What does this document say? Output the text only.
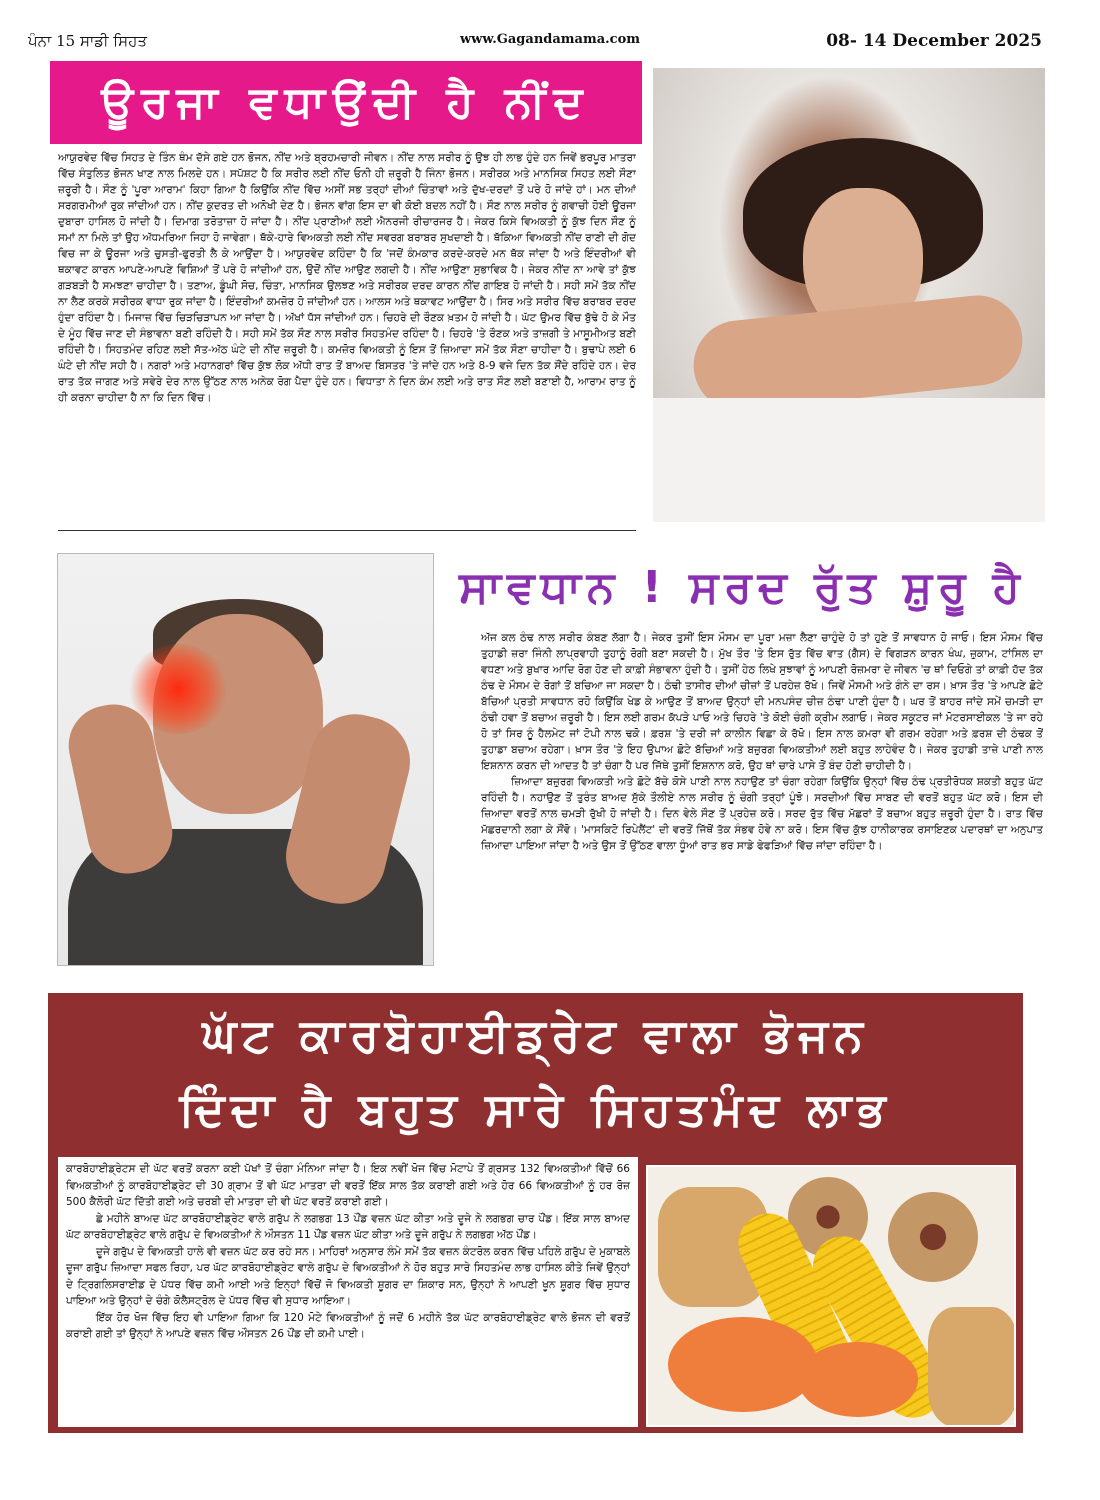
ਪੰਨਾ 15 ਸਾਡੀ ਸਿਹਤ	www.Gagandamama.com	08- 14 December 2025
ਊਰਜਾ ਵਧਾਉਂਦੀ ਹੈ ਨੀਂਦ
ਆਯੁਰਵੇਦ ਵਿੱਚ ਸਿਹਤ ਦੇ ਤਿੰਨ ਥੰਮ ਦੱਸੇ ਗਏ ਹਨ ਭੋਜਨ, ਨੀਂਦ ਅਤੇ ਬ੍ਰਹਮਚਾਰੀ ਜੀਵਨ। ਨੀਂਦ ਨਾਲ ਸਰੀਰ ਨੂੰ ਉਝ ਹੀ ਲਾਭ ਹੁੰਦੇ ਹਨ ਜਿਵੇਂ ਭਰਪੂਰ ਮਾਤਰਾ ਵਿੱਚ ਸੰਤੁਲਿਤ ਭੋਜਨ ਖਾਣ ਨਾਲ ਮਿਲਦੇ ਹਨ। ਸਪੱਸ਼ਟ ਹੈ ਕਿ ਸਰੀਰ ਲਈ ਨੀਂਦ ਓਨੀ ਹੀ ਜ਼ਰੂਰੀ ਹੈ ਜਿੰਨਾ ਭੋਜਨ। ਸਰੀਰਕ ਅਤੇ ਮਾਨਸਿਕ ਸਿਹਤ ਲਈ ਸੌਣਾ ਜ਼ਰੂਰੀ ਹੈ। ਸੌਣ ਨੂੰ 'ਪੂਰਾ ਆਰਾਮ' ਕਿਹਾ ਗਿਆ ਹੈ ਕਿਉਂਕਿ ਨੀਂਦ ਵਿੱਚ ਅਸੀਂ ਸਭ ਤਰ੍ਹਾਂ ਦੀਆਂ ਚਿੰਤਾਵਾਂ ਅਤੇ ਦੁੱਖ-ਦਰਦਾਂ ਤੋਂ ਪਰੇ ਹੋ ਜਾਂਦੇ ਹਾਂ। ਮਨ ਦੀਆਂ ਸਰਗਰਮੀਆਂ ਰੁਕ ਜਾਂਦੀਆਂ ਹਨ। ਨੀਂਦ ਕੁਦਰਤ ਦੀ ਅਨੋਖੀ ਦੇਣ ਹੈ। ਭੋਜਨ ਵਾਂਗ ਇਸ ਦਾ ਵੀ ਕੋਈ ਬਦਲ ਨਹੀਂ ਹੈ। ਸੌਣ ਨਾਲ ਸਰੀਰ ਨੂੰ ਗਵਾਚੀ ਹੋਈ ਊਰਜਾ ਦੁਬਾਰਾ ਹਾਸਿਲ ਹੋ ਜਾਂਦੀ ਹੈ। ਦਿਮਾਗ ਤਰੋਤਾਜ਼ਾ ਹੋ ਜਾਂਦਾ ਹੈ। ਨੀਂਦ ਪ੍ਰਾਣੀਆਂ ਲਈ ਐਨਰਜੀ ਰੀਚਾਰਜਰ ਹੈ। ਜੇਕਰ ਕਿਸੇ ਵਿਅਕਤੀ ਨੂੰ ਕੁੱਝ ਦਿਨ ਸੌਣ ਨੂੰ ਸਮਾਂ ਨਾ ਮਿਲੇ ਤਾਂ ਉਹ ਅੱਧਮਰਿਆ ਜਿਹਾ ਹੋ ਜਾਵੇਗਾ। ਥੱਕੇ-ਹਾਰੇ ਵਿਅਕਤੀ ਲਈ ਨੀਂਦ ਸਵਰਗ ਬਰਾਬਰ ਸੁਖਦਾਈ ਹੈ। ਥੱਕਿਆ ਵਿਅਕਤੀ ਨੀਂਦ ਰਾਣੀ ਦੀ ਗੋਦ ਵਿਚ ਜਾ ਕੇ ਊਰਜਾ ਅਤੇ ਚੁਸਤੀ-ਫੁਰਤੀ ਲੈ ਕੇ ਆਉਂਦਾ ਹੈ। ਆਯੁਰਵੇਦ ਕਹਿੰਦਾ ਹੈ ਕਿ 'ਜਦੋਂ ਕੰਮਕਾਰ ਕਰਦੇ-ਕਰਦੇ ਮਨ ਥੱਕ ਜਾਂਦਾ ਹੈ ਅਤੇ ਇੰਦਰੀਆਂ ਵੀ ਥਕਾਵਟ ਕਾਰਨ ਆਪਣੇ-ਆਪਣੇ ਵਿਸ਼ਿਆਂ ਤੋਂ ਪਰੇ ਹੋ ਜਾਂਦੀਆਂ ਹਨ, ਉਦੋਂ ਨੀਂਦ ਆਉਣ ਲਗਦੀ ਹੈ। ਨੀਂਦ ਆਉਣਾ ਸੁਭਾਵਿਕ ਹੈ। ਜੇਕਰ ਨੀਂਦ ਨਾ ਆਵੇ ਤਾਂ ਕੁੱਝ ਗੜਬੜੀ ਹੈ ਸਮਝਣਾ ਚਾਹੀਦਾ ਹੈ। ਤਣਾਅ, ਡੂੰਘੀ ਸੋਚ, ਚਿੰਤਾ, ਮਾਨਸਿਕ ਉਲਝਣ ਅਤੇ ਸਰੀਰਕ ਦਰਦ ਕਾਰਨ ਨੀਂਦ ਗਾਇਬ ਹੋ ਜਾਂਦੀ ਹੈ। ਸਹੀ ਸਮੇਂ ਤੱਕ ਨੀਂਦ ਨਾ ਲੈਣ ਕਰਕੇ ਸਰੀਰਕ ਵਾਧਾ ਰੁਕ ਜਾਂਦਾ ਹੈ। ਇੰਦਰੀਆਂ ਕਮਜ਼ੋਰ ਹੋ ਜਾਂਦੀਆਂ ਹਨ। ਆਲਸ ਅਤੇ ਥਕਾਵਟ ਆਉਂਦਾ ਹੈ। ਸਿਰ ਅਤੇ ਸਰੀਰ ਵਿੱਚ ਬਰਾਬਰ ਦਰਦ ਹੁੰਦਾ ਰਹਿੰਦਾ ਹੈ। ਮਿਜਾਜ਼ ਵਿੱਚ ਚਿੜਚਿੜਾਪਨ ਆ ਜਾਂਦਾ ਹੈ। ਅੱਖਾਂ ਧੱਸ ਜਾਂਦੀਆਂ ਹਨ। ਚਿਹਰੇ ਦੀ ਰੌਣਕ ਖ਼ਤਮ ਹੋ ਜਾਂਦੀ ਹੈ। ਘੱਟ ਉਮਰ ਵਿੱਚ ਬੁੱਢੇ ਹੋ ਕੇ ਮੌਤ ਦੇ ਮੂੰਹ ਵਿੱਚ ਜਾਣ ਦੀ ਸੰਭਾਵਨਾ ਬਣੀ ਰਹਿੰਦੀ ਹੈ। ਸਹੀ ਸਮੇਂ ਤੱਕ ਸੌਣ ਨਾਲ ਸਰੀਰ ਸਿਹਤਮੰਦ ਰਹਿੰਦਾ ਹੈ। ਚਿਹਰੇ 'ਤੇ ਰੌਣਕ ਅਤੇ ਤਾਜ਼ਗੀ ਤੇ ਮਾਸੂਮੀਅਤ ਬਣੀ ਰਹਿੰਦੀ ਹੈ। ਸਿਹਤਮੰਦ ਰਹਿਣ ਲਈ ਸੱਤ-ਅੱਠ ਘੰਟੇ ਦੀ ਨੀਂਦ ਜ਼ਰੂਰੀ ਹੈ। ਕਮਜ਼ੋਰ ਵਿਅਕਤੀ ਨੂੰ ਇਸ ਤੋਂ ਜ਼ਿਆਦਾ ਸਮੇਂ ਤੱਕ ਸੌਣਾ ਚਾਹੀਦਾ ਹੈ। ਬੁਢਾਪੇ ਲਈ 6 ਘੰਟੇ ਦੀ ਨੀਂਦ ਸਹੀ ਹੈ। ਨਗਰਾਂ ਅਤੇ ਮਹਾਨਗਰਾਂ ਵਿੱਚ ਕੁੱਝ ਲੋਕ ਅੱਧੀ ਰਾਤ ਤੋਂ ਬਾਅਦ ਬਿਸਤਰ 'ਤੇ ਜਾਂਦੇ ਹਨ ਅਤੇ 8-9 ਵਜੇ ਦਿਨ ਤੱਕ ਸੌਂਦੇ ਰਹਿੰਦੇ ਹਨ। ਦੇਰ ਰਾਤ ਤੱਕ ਜਾਗਣ ਅਤੇ ਸਵੇਰੇ ਦੇਰ ਨਾਲ ਉੱਠਣ ਨਾਲ ਅਨੇਕ ਰੋਗ ਪੈਦਾ ਹੁੰਦੇ ਹਨ। ਵਿਧਾਤਾ ਨੇ ਦਿਨ ਕੰਮ ਲਈ ਅਤੇ ਰਾਤ ਸੌਣ ਲਈ ਬਣਾਈ ਹੈ, ਆਰਾਮ ਰਾਤ ਨੂੰ ਹੀ ਕਰਨਾ ਚਾਹੀਦਾ ਹੈ ਨਾ ਕਿ ਦਿਨ ਵਿੱਚ।
ਸਾਵਧਾਨ ! ਸਰਦ ਰੁੱਤ ਸ਼ੁਰੂ ਹੈ

ਅੱਜ ਕਲ ਠੰਢ ਨਾਲ ਸਰੀਰ ਕੰਬਣ ਲੱਗਾ ਹੈ। ਜੇਕਰ ਤੁਸੀਂ ਇਸ ਮੌਸਮ ਦਾ ਪੂਰਾ ਮਜ਼ਾ ਲੈਣਾ ਚਾਹੁੰਦੇ ਹੋ ਤਾਂ ਹੁਣੇ ਤੋਂ ਸਾਵਧਾਨ ਹੋ ਜਾਓ। ਇਸ ਮੌਸਮ ਵਿੱਚ ਤੁਹਾਡੀ ਜ਼ਰਾ ਜਿੰਨੀ ਲਾਪ੍ਰਵਾਹੀ ਤੁਹਾਨੂੰ ਰੋਗੀ ਬਣਾ ਸਕਦੀ ਹੈ। ਮੁੱਖ ਤੌਰ 'ਤੇ ਇਸ ਰੁੱਤ ਵਿੱਚ ਵਾਤ (ਗੈਸ) ਦੇ ਵਿਗੜਨ ਕਾਰਨ ਖੰਘ, ਜ਼ੁਕਾਮ, ਟਾਂਸਿਲ ਦਾ ਵਧਣਾ ਅਤੇ ਬੁਖਾਰ ਆਦਿ ਰੋਗ ਹੋਣ ਦੀ ਕਾਫ਼ੀ ਸੰਭਾਵਨਾ ਹੁੰਦੀ ਹੈ। ਤੁਸੀਂ ਹੇਠ ਲਿਖੇ ਸੁਝਾਵਾਂ ਨੂੰ ਆਪਣੀ ਰੋਜ਼ਮਰਾ ਦੇ ਜੀਵਨ 'ਚ ਥਾਂ ਦਿਓਗੇ ਤਾਂ ਕਾਫ਼ੀ ਹੱਦ ਤੱਕ ਠੰਢ ਦੇ ਮੌਸਮ ਦੇ ਰੋਗਾਂ ਤੋਂ ਬਚਿਆ ਜਾ ਸਕਦਾ ਹੈ। ਠੰਢੀ ਤਾਸੀਰ ਦੀਆਂ ਚੀਜ਼ਾਂ ਤੋਂ ਪਰਹੇਜ਼ ਰੱਖੋ। ਜਿਵੇਂ ਮੌਸਮੀ ਅਤੇ ਗੰਨੇ ਦਾ ਰਸ। ਖ਼ਾਸ ਤੌਰ 'ਤੇ ਆਪਣੇ ਛੋਟੇ ਬੱਚਿਆਂ ਪ੍ਰਤੀ ਸਾਵਧਾਨ ਰਹੋ ਕਿਉਂਕਿ ਖੇਡ ਕੇ ਆਉਣ ਤੋਂ ਬਾਅਦ ਉਨ੍ਹਾਂ ਦੀ ਮਨਪਸੰਦ ਚੀਜ਼ ਠੰਢਾ ਪਾਣੀ ਹੁੰਦਾ ਹੈ। ਘਰ ਤੋਂ ਬਾਹਰ ਜਾਂਦੇ ਸਮੇਂ ਚਮੜੀ ਦਾ ਠੰਢੀ ਹਵਾ ਤੋਂ ਬਚਾਅ ਜ਼ਰੂਰੀ ਹੈ। ਇਸ ਲਈ ਗਰਮ ਕੱਪੜੇ ਪਾਓ ਅਤੇ ਚਿਹਰੇ 'ਤੇ ਕੋਈ ਚੰਗੀ ਕ੍ਰੀਮ ਲਗਾਓ। ਜੇਕਰ ਸਕੂਟਰ ਜਾਂ ਮੋਟਰਸਾਈਕਲ 'ਤੇ ਜਾ ਰਹੇ ਹੋ ਤਾਂ ਸਿਰ ਨੂੰ ਹੈਲਮੇਟ ਜਾਂ ਟੋਪੀ ਨਾਲ ਢਕੋ। ਫ਼ਰਸ਼ 'ਤੇ ਦਰੀ ਜਾਂ ਕਾਲੀਨ ਵਿਛਾ ਕੇ ਰੱਖੋ। ਇਸ ਨਾਲ ਕਮਰਾ ਵੀ ਗਰਮ ਰਹੇਗਾ ਅਤੇ ਫ਼ਰਸ਼ ਦੀ ਠੰਢਕ ਤੋਂ ਤੁਹਾਡਾ ਬਚਾਅ ਰਹੇਗਾ। ਖ਼ਾਸ ਤੌਰ 'ਤੇ ਇਹ ਉਪਾਅ ਛੋਟੇ ਬੱਚਿਆਂ ਅਤੇ ਬਜ਼ੁਰਗ ਵਿਅਕਤੀਆਂ ਲਈ ਬਹੁਤ ਲਾਹੇਵੰਦ ਹੈ। ਜੇਕਰ ਤੁਹਾਡੀ ਤਾਜ਼ੇ ਪਾਣੀ ਨਾਲ ਇਸ਼ਨਾਨ ਕਰਨ ਦੀ ਆਦਤ ਹੈ ਤਾਂ ਚੰਗਾ ਹੈ ਪਰ ਜਿੱਥੇ ਤੁਸੀਂ ਇਸ਼ਨਾਨ ਕਰੋ, ਉਹ ਥਾਂ ਚਾਰੇ ਪਾਸੇ ਤੋਂ ਬੰਦ ਹੋਣੀ ਚਾਹੀਦੀ ਹੈ।

ਜ਼ਿਆਦਾ ਬਜ਼ੁਰਗ ਵਿਅਕਤੀ ਅਤੇ ਛੋਟੇ ਬੱਚੇ ਕੋਸੇ ਪਾਣੀ ਨਾਲ ਨਹਾਉਣ ਤਾਂ ਚੰਗਾ ਰਹੇਗਾ ਕਿਉਂਕਿ ਉਨ੍ਹਾਂ ਵਿੱਚ ਠੰਢ ਪ੍ਰਤੀਰੋਧਕ ਸ਼ਕਤੀ ਬਹੁਤ ਘੱਟ ਰਹਿੰਦੀ ਹੈ। ਨਹਾਉਣ ਤੋਂ ਤੁਰੰਤ ਬਾਅਦ ਸੁੱਕੇ ਤੌਲੀਏ ਨਾਲ ਸਰੀਰ ਨੂੰ ਚੰਗੀ ਤਰ੍ਹਾਂ ਪੂੰਝੋ। ਸਰਦੀਆਂ ਵਿੱਚ ਸਾਬਣ ਦੀ ਵਰਤੋਂ ਬਹੁਤ ਘੱਟ ਕਰੋ। ਇਸ ਦੀ ਜ਼ਿਆਦਾ ਵਰਤੋਂ ਨਾਲ ਚਮੜੀ ਰੁੱਖੀ ਹੋ ਜਾਂਦੀ ਹੈ। ਦਿਨ ਵੇਲੇ ਸੌਣ ਤੋਂ ਪ੍ਰਹੇਜ਼ ਕਰੋ। ਸਰਦ ਰੁੱਤ ਵਿੱਚ ਮੱਛਰਾਂ ਤੋਂ ਬਚਾਅ ਬਹੁਤ ਜ਼ਰੂਰੀ ਹੁੰਦਾ ਹੈ। ਰਾਤ ਵਿੱਚ ਮੱਛਰਦਾਨੀ ਲਗਾ ਕੇ ਸੌਂਵੋ। 'ਮਾਸਕਿਟੋ ਰਿਪੇਲੈਂਟ' ਦੀ ਵਰਤੋਂ ਜਿੱਥੋਂ ਤੱਕ ਸੰਭਵ ਹੋਵੇ ਨਾ ਕਰੋ। ਇਸ ਵਿੱਚ ਕੁੱਝ ਹਾਨੀਕਾਰਕ ਰਸਾਇਣਕ ਪਦਾਰਥਾਂ ਦਾ ਅਨੁਪਾਤ ਜ਼ਿਆਦਾ ਪਾਇਆ ਜਾਂਦਾ ਹੈ ਅਤੇ ਉਸ ਤੋਂ ਉੱਠਣ ਵਾਲਾ ਧੂੰਆਂ ਰਾਤ ਭਰ ਸਾਡੇ ਫੇਫੜਿਆਂ ਵਿੱਚ ਜਾਂਦਾ ਰਹਿੰਦਾ ਹੈ।

ਘੱਟ ਕਾਰਬੋਹਾਈਡ੍ਰੇਟ ਵਾਲਾ ਭੋਜਨ
ਦਿੰਦਾ ਹੈ ਬਹੁਤ ਸਾਰੇ ਸਿਹਤਮੰਦ ਲਾਭ

ਕਾਰਬੋਹਾਈਡ੍ਰੇਟਸ ਦੀ ਘੱਟ ਵਰਤੋਂ ਕਰਨਾ ਕਈ ਪੱਖਾਂ ਤੋਂ ਚੰਗਾ ਮੰਨਿਆ ਜਾਂਦਾ ਹੈ। ਇਕ ਨਵੀਂ ਖੋਜ ਵਿੱਚ ਮੋਟਾਪੇ ਤੋਂ ਗ੍ਰਸਤ 132 ਵਿਅਕਤੀਆਂ ਵਿੱਚੋਂ 66 ਵਿਅਕਤੀਆਂ ਨੂੰ ਕਾਰਬੋਹਾਈਡ੍ਰੇਟ ਦੀ 30 ਗ੍ਰਾਮ ਤੋਂ ਵੀ ਘੱਟ ਮਾਤਰਾ ਦੀ ਵਰਤੋਂ ਇੱਕ ਸਾਲ ਤੱਕ ਕਰਾਈ ਗਈ ਅਤੇ ਹੋਰ 66 ਵਿਅਕਤੀਆਂ ਨੂੰ ਹਰ ਰੋਜ਼ 500 ਕੈਲੋਰੀ ਘੱਟ ਦਿੱਤੀ ਗਈ ਅਤੇ ਚਰਬੀ ਦੀ ਮਾਤਰਾ ਦੀ ਵੀ ਘੱਟ ਵਰਤੋਂ ਕਰਾਈ ਗਈ।

ਛੇ ਮਹੀਨੇ ਬਾਅਦ ਘੱਟ ਕਾਰਬੋਹਾਈਡ੍ਰੇਟ ਵਾਲੇ ਗਰੁੱਪ ਨੇ ਲਗਭਗ 13 ਪੌਂਡ ਵਜ਼ਨ ਘੱਟ ਕੀਤਾ ਅਤੇ ਦੂਜੇ ਨੇ ਲਗਭਗ ਚਾਰ ਪੌਂਡ। ਇੱਕ ਸਾਲ ਬਾਅਦ ਘੱਟ ਕਾਰਬੋਹਾਈਡ੍ਰੇਟ ਵਾਲੇ ਗਰੁੱਪ ਦੇ ਵਿਅਕਤੀਆਂ ਨੇ ਔਸਤਨ 11 ਪੌਂਡ ਵਜ਼ਨ ਘੱਟ ਕੀਤਾ ਅਤੇ ਦੂਜੇ ਗਰੁੱਪ ਨੇ ਲਗਭਗ ਅੱਠ ਪੌਂਡ।

ਦੂਜੇ ਗਰੁੱਪ ਦੇ ਵਿਅਕਤੀ ਹਾਲੇ ਵੀ ਵਜ਼ਨ ਘੱਟ ਕਰ ਰਹੇ ਸਨ। ਮਾਹਿਰਾਂ ਅਨੁਸਾਰ ਲੰਮੇ ਸਮੇਂ ਤੱਕ ਵਜ਼ਨ ਕੰਟਰੋਲ ਕਰਨ ਵਿੱਚ ਪਹਿਲੇ ਗਰੁੱਪ ਦੇ ਮੁਕਾਬਲੇ ਦੂਜਾ ਗਰੁੱਪ ਜ਼ਿਆਦਾ ਸਫਲ ਰਿਹਾ, ਪਰ ਘੱਟ ਕਾਰਬੋਹਾਈਡ੍ਰੇਟ ਵਾਲੇ ਗਰੁੱਪ ਦੇ ਵਿਅਕਤੀਆਂ ਨੇ ਹੋਰ ਬਹੁਤ ਸਾਰੇ ਸਿਹਤਮੰਦ ਲਾਭ ਹਾਸਿਲ ਕੀਤੇ ਜਿਵੇਂ ਉਨ੍ਹਾਂ ਦੇ ਟ੍ਰਿਗਲਿਸਰਾਈਡ ਦੇ ਪੱਧਰ ਵਿੱਚ ਕਮੀ ਆਈ ਅਤੇ ਇਨ੍ਹਾਂ ਵਿੱਚੋਂ ਜੋ ਵਿਅਕਤੀ ਸ਼ੂਗਰ ਦਾ ਸ਼ਿਕਾਰ ਸਨ, ਉਨ੍ਹਾਂ ਨੇ ਆਪਣੀ ਖੂਨ ਸ਼ੂਗਰ ਵਿੱਚ ਸੁਧਾਰ ਪਾਇਆ ਅਤੇ ਉਨ੍ਹਾਂ ਦੇ ਚੰਗੇ ਕੋਲੈਸਟ੍ਰੋਲ ਦੇ ਪੱਧਰ ਵਿੱਚ ਵੀ ਸੁਧਾਰ ਆਇਆ।

ਇੱਕ ਹੋਰ ਖੋਜ ਵਿੱਚ ਇਹ ਵੀ ਪਾਇਆ ਗਿਆ ਕਿ 120 ਮੋਟੇ ਵਿਅਕਤੀਆਂ ਨੂੰ ਜਦੋਂ 6 ਮਹੀਨੇ ਤੱਕ ਘੱਟ ਕਾਰਬੋਹਾਈਡ੍ਰੇਟ ਵਾਲੇ ਭੋਜਨ ਦੀ ਵਰਤੋਂ ਕਰਾਈ ਗਈ ਤਾਂ ਉਨ੍ਹਾਂ ਨੇ ਆਪਣੇ ਵਜ਼ਨ ਵਿੱਚ ਔਸਤਨ 26 ਪੌਂਡ ਦੀ ਕਮੀ ਪਾਈ।
